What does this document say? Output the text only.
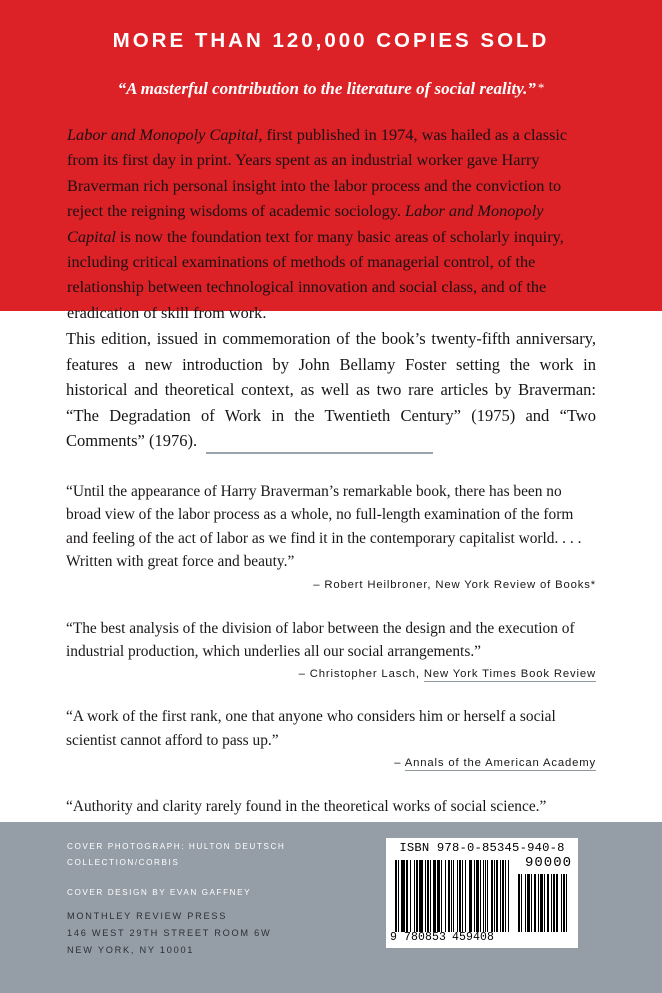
MORE THAN 120,000 COPIES SOLD
“A masterful contribution to the literature of social reality.” *
Labor and Monopoly Capital, first published in 1974, was hailed as a classic from its first day in print. Years spent as an industrial worker gave Harry Braverman rich personal insight into the labor process and the conviction to reject the reigning wisdoms of academic sociology. Labor and Monopoly Capital is now the foundation text for many basic areas of scholarly inquiry, including critical examinations of methods of managerial control, of the relationship between technological innovation and social class, and of the eradication of skill from work.
This edition, issued in commemoration of the book’s twenty-fifth anniversary, features a new introduction by John Bellamy Foster setting the work in historical and theoretical context, as well as two rare articles by Braverman: “The Degradation of Work in the Twentieth Century” (1975) and “Two Comments” (1976).
“Until the appearance of Harry Braverman’s remarkable book, there has been no broad view of the labor process as a whole, no full-length examination of the form and feeling of the act of labor as we find it in the contemporary capitalist world. . . . Written with great force and beauty.”
– Robert Heilbroner, New York Review of Books*
“The best analysis of the division of labor between the design and the execution of industrial production, which underlies all our social arrangements.”
– Christopher Lasch, New York Times Book Review
“A work of the first rank, one that anyone who considers him or herself a social scientist cannot afford to pass up.”
– Annals of the American Academy
“Authority and clarity rarely found in the theoretical works of social science.”
COVER PHOTOGRAPH: HULTON DEUTSCH
COLLECTION/CORBIS
COVER DESIGN BY EVAN GAFFNEY
MONTHLEY REVIEW PRESS
146 WEST 29TH STREET ROOM 6W
NEW YORK, NY 10001
ISBN 978-0-85345-940-8
90000
9 780853 459408
